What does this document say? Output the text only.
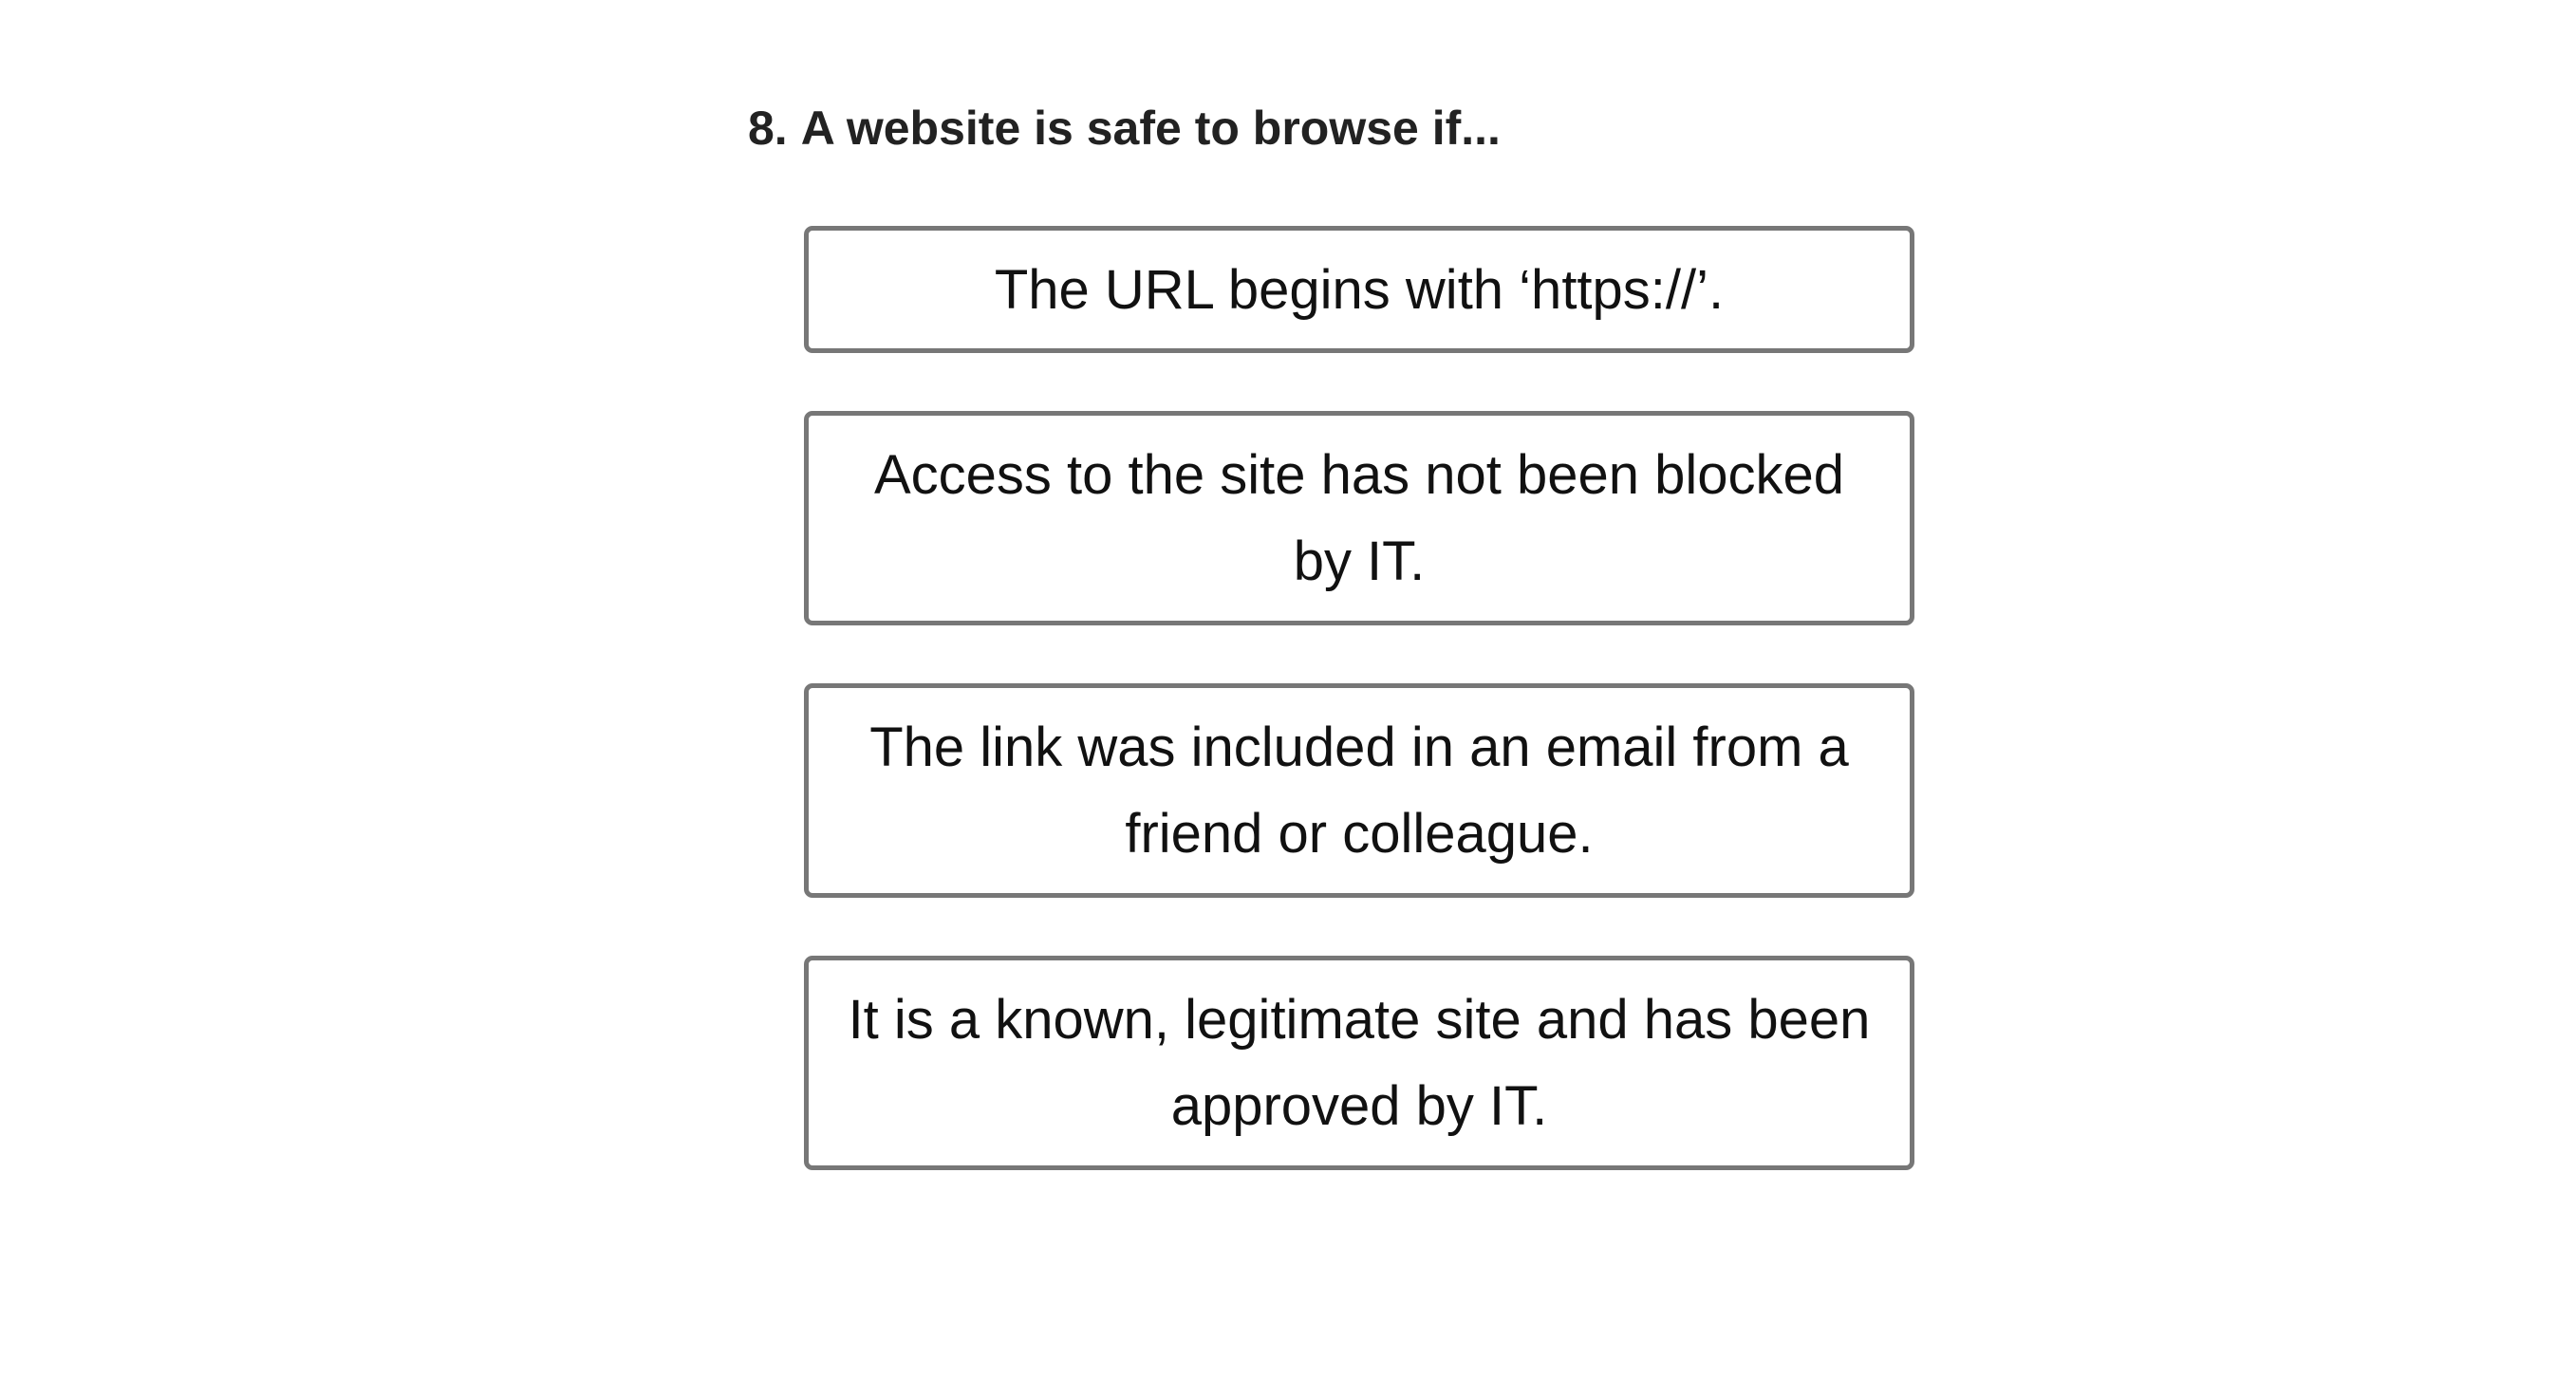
8. A website is safe to browse if...
The URL begins with ‘https://’.
Access to the site has not been blocked by IT.
The link was included in an email from a friend or colleague.
It is a known, legitimate site and has been approved by IT.
